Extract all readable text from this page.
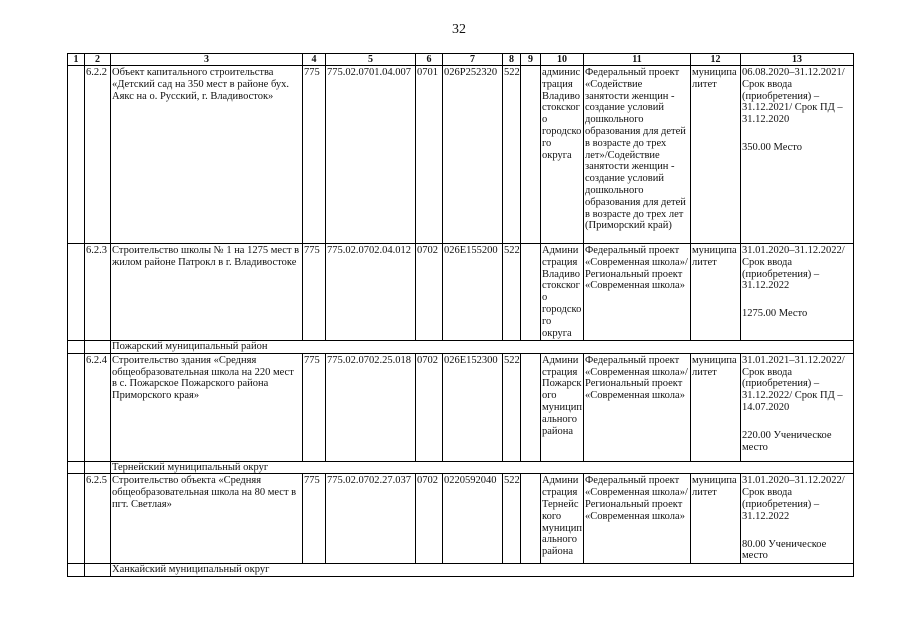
32
1	2	3	4	5	6	7	8	9	10	11	12	13
	6.2.2	Объект капитального строительства «Детский сад на 350 мест в районе бух. Аякс на о. Русский, г. Владивосток»	775	775.02.0701.04.007	0701	026P252320	522		администрация Владивостокского городского округа	Федеральный проект «Содействие занятости женщин - создание условий дошкольного образования для детей в возрасте до трех лет»/Содействие занятости женщин - создание условий дошкольного образования для детей в возрасте до трех лет (Приморский край)	муниципалитет	06.08.2020–31.12.2021/ Срок ввода (приобретения) – 31.12.2021/ Срок ПД – 31.12.2020
350.00 Место

	6.2.3	Строительство школы № 1 на 1275 мест в жилом районе Патрокл в г. Владивостоке	775	775.02.0702.04.012	0702	026E155200	522		Администрация Владивостокского городского округа	Федеральный проект «Современная школа»/Региональный проект «Современная школа»	муниципалитет	31.01.2020–31.12.2022/ Срок ввода (приобретения) – 31.12.2022
1275.00 Место

		Пожарский муниципальный район										
	6.2.4	Строительство здания «Средняя общеобразовательная школа на 220 мест в с. Пожарское Пожарского района Приморского края»	775	775.02.0702.25.018	0702	026E152300	522		Администрация Пожарского муниципального района	Федеральный проект «Современная школа»/Региональный проект «Современная школа»	муниципалитет	31.01.2021–31.12.2022/ Срок ввода (приобретения) – 31.12.2022/ Срок ПД – 14.07.2020
220.00 Ученическое место

		Тернейский муниципальный округ										
	6.2.5	Строительство объекта «Средняя общеобразовательная школа на 80 мест в пгт. Светлая»	775	775.02.0702.27.037	0702	0220592040	522		Администрация Тернейского муниципального района	Федеральный проект «Современная школа»/Региональный проект «Современная школа»	муниципалитет	31.01.2020–31.12.2022/ Срок ввода (приобретения) – 31.12.2022
80.00 Ученическое место

		Ханкайский муниципальный округ										
